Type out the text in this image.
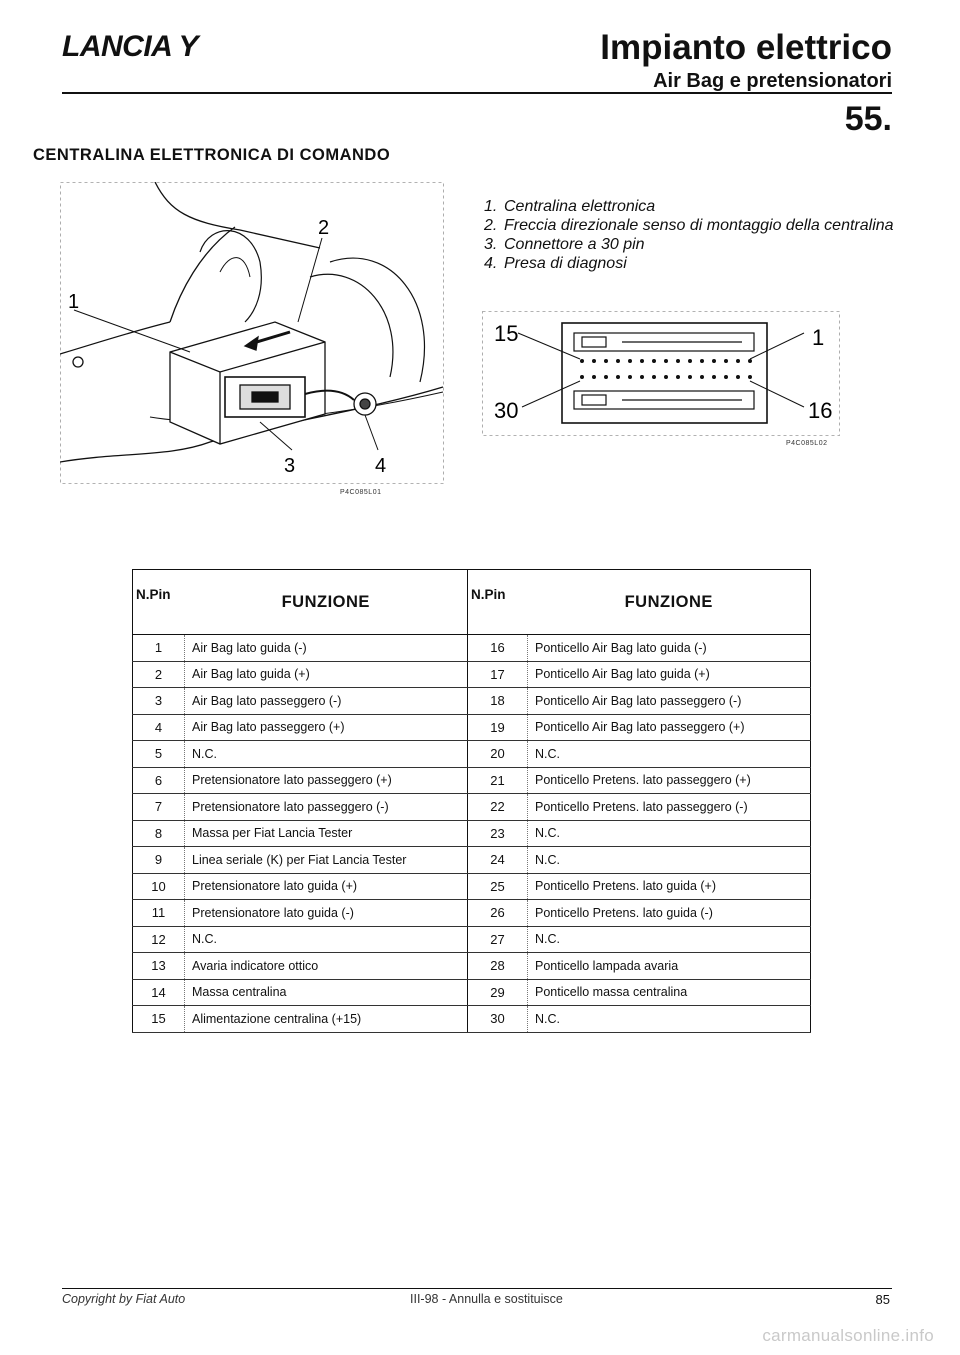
LANCIA Y	Impianto elettrico
Air Bag e pretensionatori
55.
CENTRALINA ELETTRONICA DI COMANDO
1
2
3	4
P4C085L01
1. Centralina elettronica
2. Freccia direzionale senso di montaggio della centralina
3. Connettore a 30 pin
4. Presa di diagnosi
15	1
30	16
P4C085L02
N.Pin	FUNZIONE	N.Pin	FUNZIONE
1	Air Bag lato guida (-)	16	Ponticello Air Bag lato guida (-)
2	Air Bag lato guida (+)	17	Ponticello Air Bag lato guida (+)
3	Air Bag lato passeggero (-)	18	Ponticello Air Bag lato passeggero (-)
4	Air Bag lato passeggero (+)	19	Ponticello Air Bag lato passeggero (+)
5	N.C.	20	N.C.
6	Pretensionatore lato passeggero (+)	21	Ponticello Pretens. lato passeggero (+)
7	Pretensionatore lato passeggero (-)	22	Ponticello Pretens. lato passeggero (-)
8	Massa per Fiat Lancia Tester	23	N.C.
9	Linea seriale (K) per Fiat Lancia Tester	24	N.C.
10	Pretensionatore lato guida (+)	25	Ponticello Pretens. lato guida (+)
11	Pretensionatore lato guida (-)	26	Ponticello Pretens. lato guida (-)
12	N.C.	27	N.C.
13	Avaria indicatore ottico	28	Ponticello lampada avaria
14	Massa centralina	29	Ponticello massa centralina
15	Alimentazione centralina (+15)	30	N.C.
Copyright by Fiat Auto	III-98 - Annulla e sostituisce	85
carmanualsonline.info
